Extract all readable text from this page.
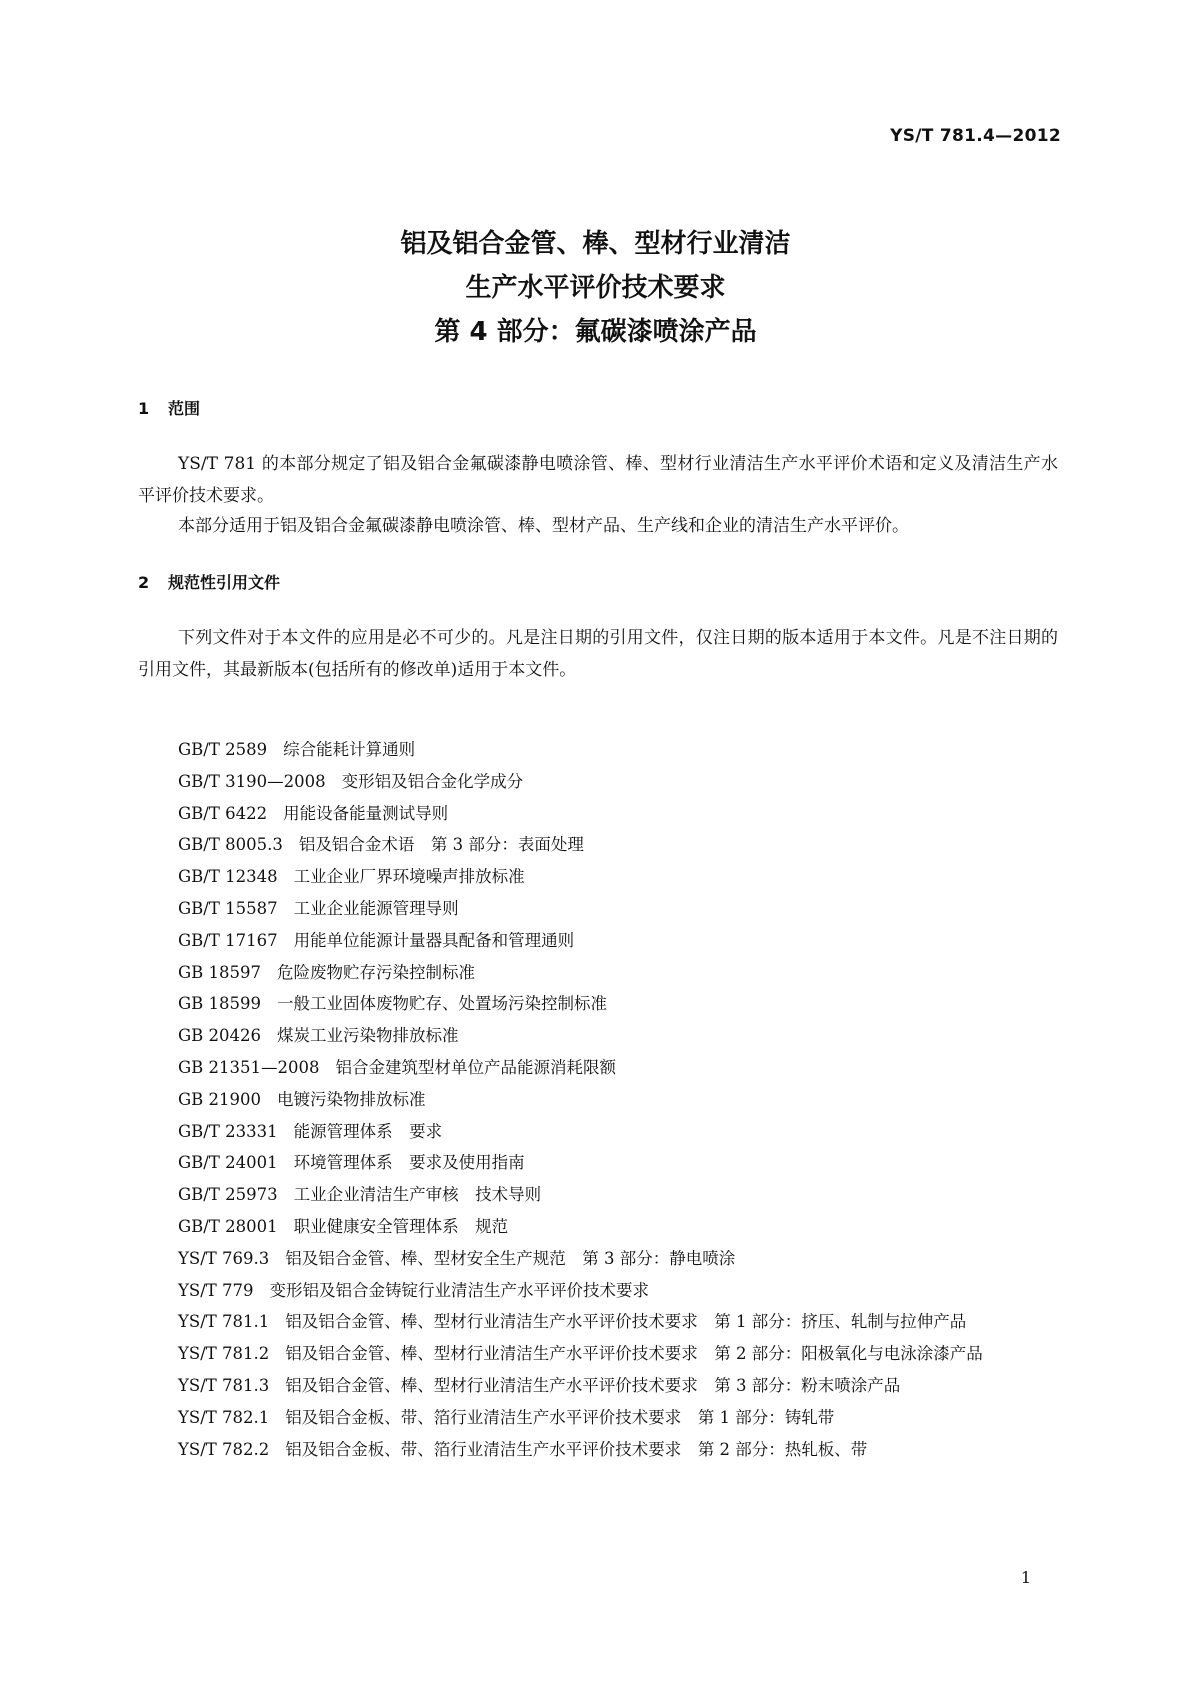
YS/T 781.4—2012
铝及铝合金管、棒、型材行业清洁
生产水平评价技术要求
第 4 部分：氟碳漆喷涂产品
1 范围
YS/T 781 的本部分规定了铝及铝合金氟碳漆静电喷涂管、棒、型材行业清洁生产水平评价术语和定义及清洁生产水平评价技术要求。
本部分适用于铝及铝合金氟碳漆静电喷涂管、棒、型材产品、生产线和企业的清洁生产水平评价。
2 规范性引用文件
下列文件对于本文件的应用是必不可少的。凡是注日期的引用文件，仅注日期的版本适用于本文件。凡是不注日期的引用文件，其最新版本(包括所有的修改单)适用于本文件。
GB/T 2589 综合能耗计算通则
GB/T 3190—2008 变形铝及铝合金化学成分
GB/T 6422 用能设备能量测试导则
GB/T 8005.3 铝及铝合金术语　第 3 部分：表面处理
GB/T 12348 工业企业厂界环境噪声排放标准
GB/T 15587 工业企业能源管理导则
GB/T 17167 用能单位能源计量器具配备和管理通则
GB 18597 危险废物贮存污染控制标准
GB 18599 一般工业固体废物贮存、处置场污染控制标准
GB 20426 煤炭工业污染物排放标准
GB 21351—2008 铝合金建筑型材单位产品能源消耗限额
GB 21900 电镀污染物排放标准
GB/T 23331 能源管理体系　要求
GB/T 24001 环境管理体系　要求及使用指南
GB/T 25973 工业企业清洁生产审核　技术导则
GB/T 28001 职业健康安全管理体系　规范
YS/T 769.3 铝及铝合金管、棒、型材安全生产规范　第 3 部分：静电喷涂
YS/T 779 变形铝及铝合金铸锭行业清洁生产水平评价技术要求
YS/T 781.1 铝及铝合金管、棒、型材行业清洁生产水平评价技术要求　第 1 部分：挤压、轧制与拉伸产品
YS/T 781.2 铝及铝合金管、棒、型材行业清洁生产水平评价技术要求　第 2 部分：阳极氧化与电泳涂漆产品
YS/T 781.3 铝及铝合金管、棒、型材行业清洁生产水平评价技术要求　第 3 部分：粉末喷涂产品
YS/T 782.1 铝及铝合金板、带、箔行业清洁生产水平评价技术要求　第 1 部分：铸轧带
YS/T 782.2 铝及铝合金板、带、箔行业清洁生产水平评价技术要求　第 2 部分：热轧板、带
1
